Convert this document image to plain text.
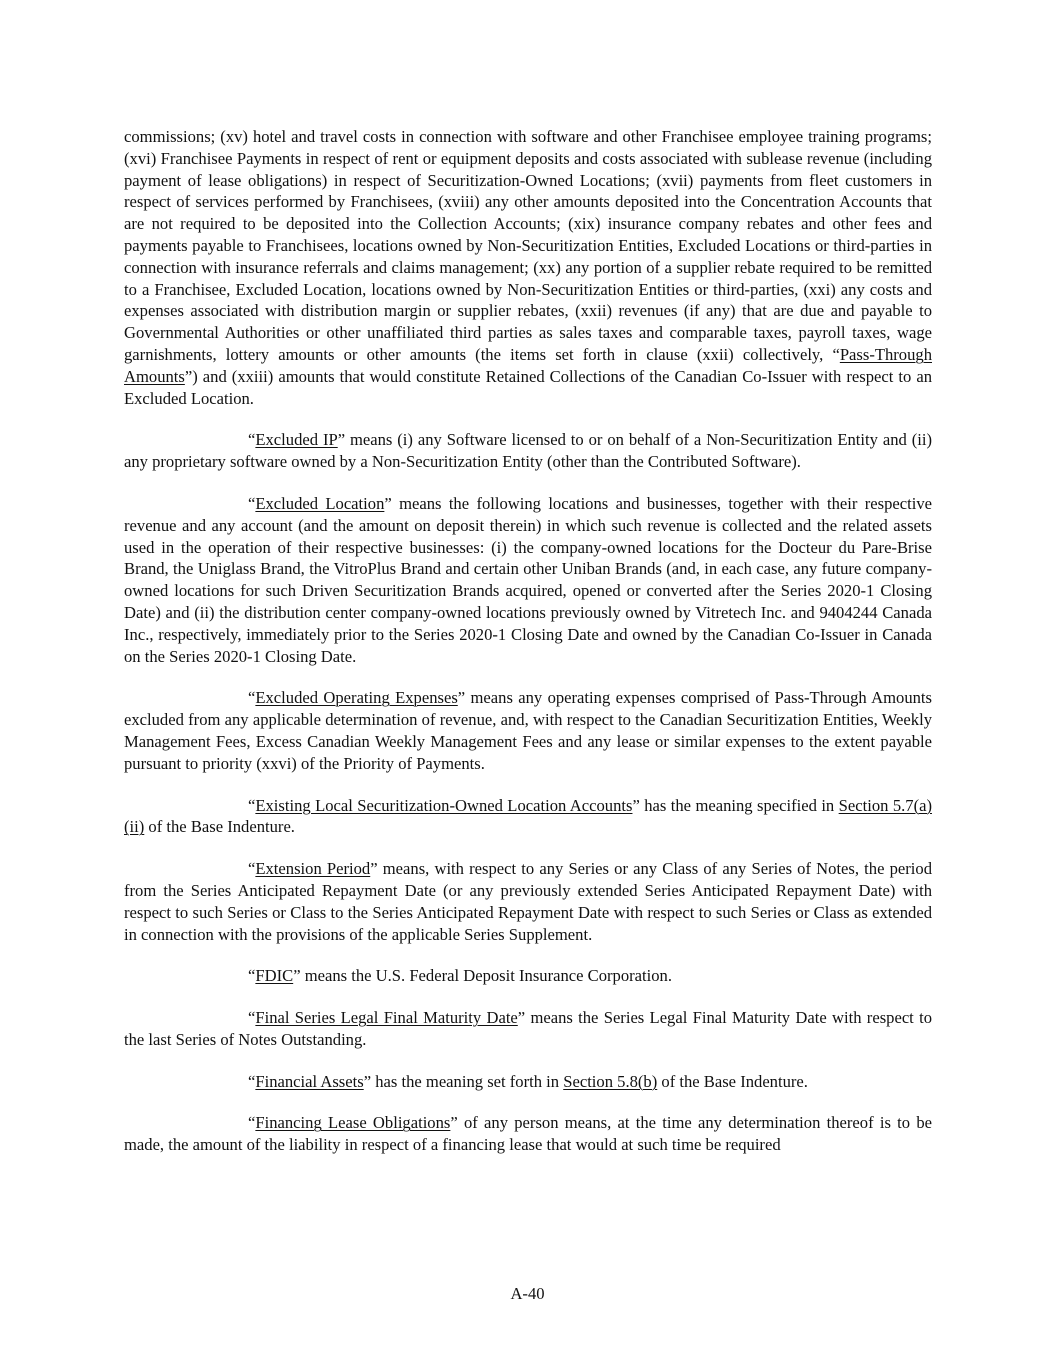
commissions; (xv) hotel and travel costs in connection with software and other Franchisee employee training programs; (xvi) Franchisee Payments in respect of rent or equipment deposits and costs associated with sublease revenue (including payment of lease obligations) in respect of Securitization-Owned Locations; (xvii) payments from fleet customers in respect of services performed by Franchisees, (xviii) any other amounts deposited into the Concentration Accounts that are not required to be deposited into the Collection Accounts; (xix) insurance company rebates and other fees and payments payable to Franchisees, locations owned by Non-Securitization Entities, Excluded Locations or third-parties in connection with insurance referrals and claims management; (xx) any portion of a supplier rebate required to be remitted to a Franchisee, Excluded Location, locations owned by Non-Securitization Entities or third-parties, (xxi) any costs and expenses associated with distribution margin or supplier rebates, (xxii) revenues (if any) that are due and payable to Governmental Authorities or other unaffiliated third parties as sales taxes and comparable taxes, payroll taxes, wage garnishments, lottery amounts or other amounts (the items set forth in clause (xxii) collectively, “Pass-Through Amounts”) and (xxiii) amounts that would constitute Retained Collections of the Canadian Co-Issuer with respect to an Excluded Location.

“Excluded IP” means (i) any Software licensed to or on behalf of a Non-Securitization Entity and (ii) any proprietary software owned by a Non-Securitization Entity (other than the Contributed Software).

“Excluded Location” means the following locations and businesses, together with their respective revenue and any account (and the amount on deposit therein) in which such revenue is collected and the related assets used in the operation of their respective businesses: (i) the company-owned locations for the Docteur du Pare-Brise Brand, the Uniglass Brand, the VitroPlus Brand and certain other Uniban Brands (and, in each case, any future company-owned locations for such Driven Securitization Brands acquired, opened or converted after the Series 2020-1 Closing Date) and (ii) the distribution center company-owned locations previously owned by Vitretech Inc. and 9404244 Canada Inc., respectively, immediately prior to the Series 2020-1 Closing Date and owned by the Canadian Co-Issuer in Canada on the Series 2020-1 Closing Date.

“Excluded Operating Expenses” means any operating expenses comprised of Pass-Through Amounts excluded from any applicable determination of revenue, and, with respect to the Canadian Securitization Entities, Weekly Management Fees, Excess Canadian Weekly Management Fees and any lease or similar expenses to the extent payable pursuant to priority (xxvi) of the Priority of Payments.

“Existing Local Securitization-Owned Location Accounts” has the meaning specified in Section 5.7(a)(ii) of the Base Indenture.

“Extension Period” means, with respect to any Series or any Class of any Series of Notes, the period from the Series Anticipated Repayment Date (or any previously extended Series Anticipated Repayment Date) with respect to such Series or Class to the Series Anticipated Repayment Date with respect to such Series or Class as extended in connection with the provisions of the applicable Series Supplement.

“FDIC” means the U.S. Federal Deposit Insurance Corporation.

“Final Series Legal Final Maturity Date” means the Series Legal Final Maturity Date with respect to the last Series of Notes Outstanding.

“Financial Assets” has the meaning set forth in Section 5.8(b) of the Base Indenture.

“Financing Lease Obligations” of any person means, at the time any determination thereof is to be made, the amount of the liability in respect of a financing lease that would at such time be required

A-40
